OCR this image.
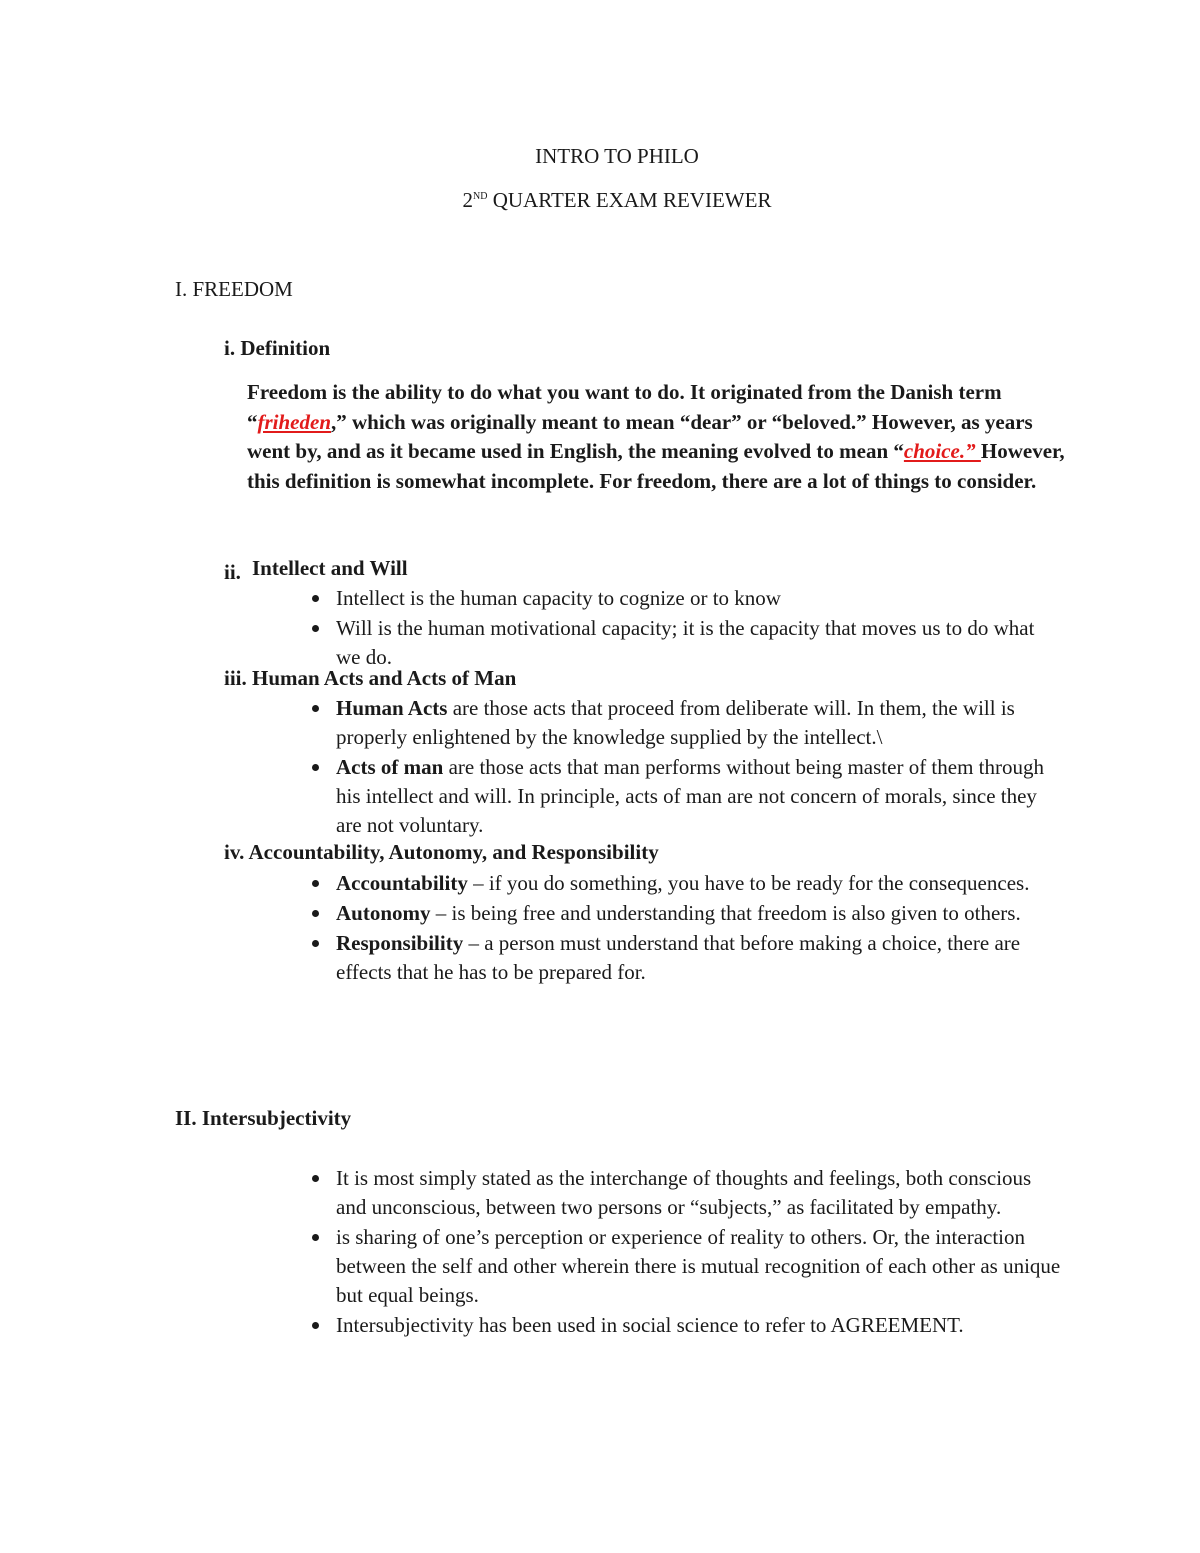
INTRO TO PHILO
2ND QUARTER EXAM REVIEWER
I. FREEDOM
i. Definition
Freedom is the ability to do what you want to do. It originated from the Danish term “friheden,” which was originally meant to mean “dear” or “beloved.” However, as years went by, and as it became used in English, the meaning evolved to mean “choice.” However, this definition is somewhat incomplete. For freedom, there are a lot of things to consider.
ii. Intellect and Will
Intellect is the human capacity to cognize or to know
Will is the human motivational capacity; it is the capacity that moves us to do what we do.
iii. Human Acts and Acts of Man
Human Acts are those acts that proceed from deliberate will. In them, the will is properly enlightened by the knowledge supplied by the intellect.\
Acts of man are those acts that man performs without being master of them through his intellect and will. In principle, acts of man are not concern of morals, since they are not voluntary.
iv. Accountability, Autonomy, and Responsibility
Accountability – if you do something, you have to be ready for the consequences.
Autonomy – is being free and understanding that freedom is also given to others.
Responsibility – a person must understand that before making a choice, there are effects that he has to be prepared for.
II. Intersubjectivity
It is most simply stated as the interchange of thoughts and feelings, both conscious and unconscious, between two persons or “subjects,” as facilitated by empathy.
is sharing of one’s perception or experience of reality to others. Or, the interaction between the self and other wherein there is mutual recognition of each other as unique but equal beings.
Intersubjectivity has been used in social science to refer to AGREEMENT.
